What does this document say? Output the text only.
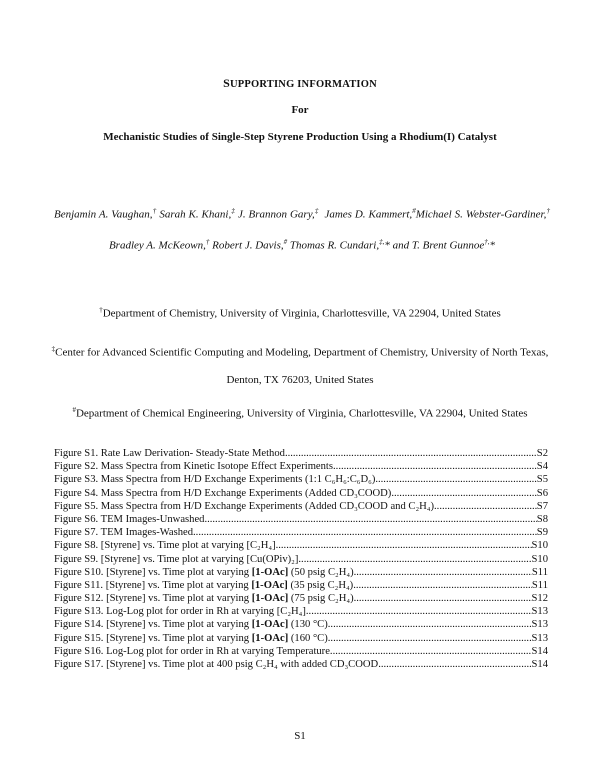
SUPPORTING INFORMATION
For
Mechanistic Studies of Single-Step Styrene Production Using a Rhodium(I) Catalyst
Benjamin A. Vaughan,† Sarah K. Khani,‡ J. Brannon Gary,‡ James D. Kammert,#Michael S. Webster-Gardiner,† Bradley A. McKeown,† Robert J. Davis,# Thomas R. Cundari,‡,* and T. Brent Gunnoe†,*
†Department of Chemistry, University of Virginia, Charlottesville, VA 22904, United States
‡Center for Advanced Scientific Computing and Modeling, Department of Chemistry, University of North Texas, Denton, TX 76203, United States
#Department of Chemical Engineering, University of Virginia, Charlottesville, VA 22904, United States
Figure S1. Rate Law Derivation- Steady-State Method .....	S2
Figure S2. Mass Spectra from Kinetic Isotope Effect Experiments .....	S4
Figure S3. Mass Spectra from H/D Exchange Experiments (1:1 C₆H₆:C₆D₆) .....	S5
Figure S4. Mass Spectra from H/D Exchange Experiments (Added CD₃COOD) .....	S6
Figure S5. Mass Spectra from H/D Exchange Experiments (Added CD₃COOD and C₂H₄) .....	S7
Figure S6. TEM Images-Unwashed .....	S8
Figure S7. TEM Images-Washed .....	S9
Figure S8. [Styrene] vs. Time plot at varying [C₂H₄] .....	S10
Figure S9. [Styrene] vs. Time plot at varying [Cu(OPiv)₂] .....	S10
Figure S10. [Styrene] vs. Time plot at varying [1-OAc] (50 psig C₂H₄) .....	S11
Figure S11. [Styrene] vs. Time plot at varying [1-OAc] (35 psig C₂H₄) .....	S11
Figure S12. [Styrene] vs. Time plot at varying [1-OAc] (75 psig C₂H₄) .....	S12
Figure S13. Log-Log plot for order in Rh at varying [C₂H₄] .....	S13
Figure S14. [Styrene] vs. Time plot at varying [1-OAc] (130 °C) .....	S13
Figure S15. [Styrene] vs. Time plot at varying [1-OAc] (160 °C) .....	S13
Figure S16. Log-Log plot for order in Rh at varying Temperature .....	S14
Figure S17. [Styrene] vs. Time plot at 400 psig C₂H₄ with added CD₃COOD .....	S14
S1
